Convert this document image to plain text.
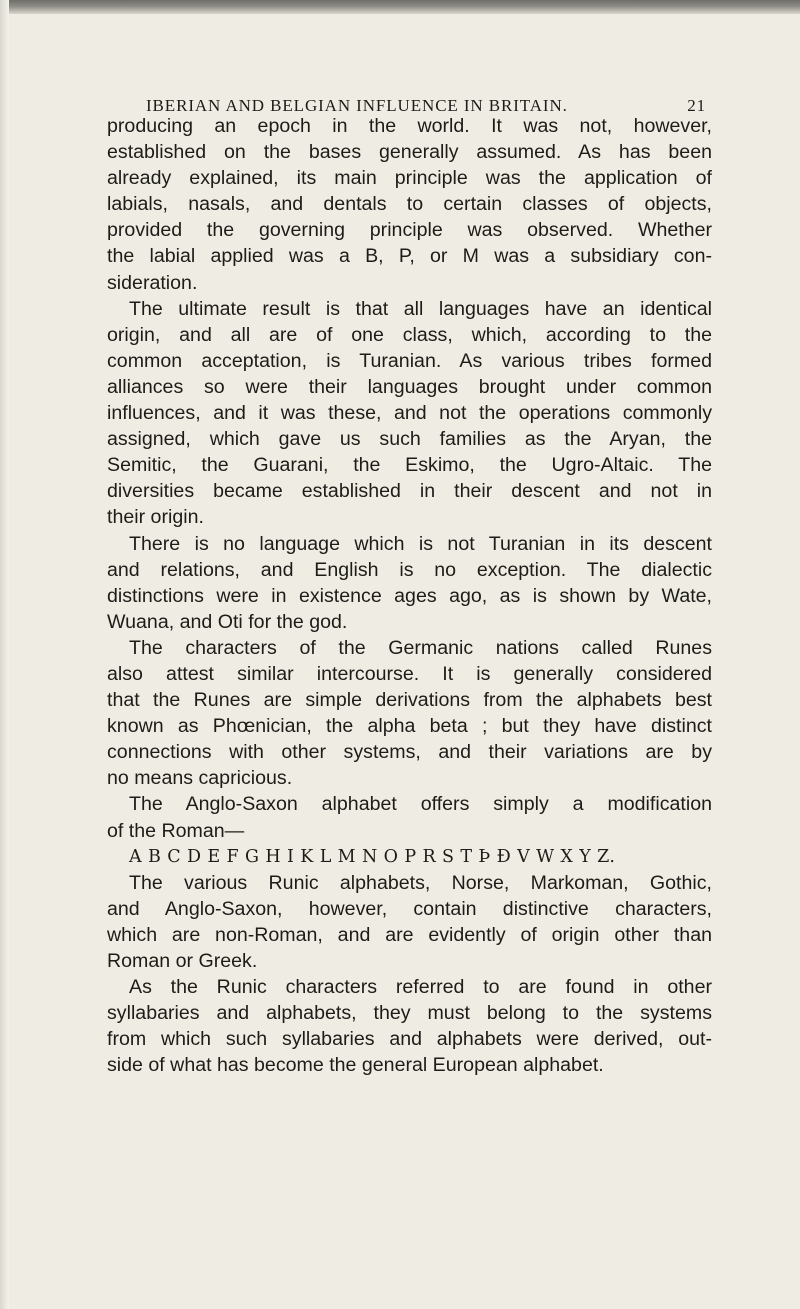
IBERIAN AND BELGIAN INFLUENCE IN BRITAIN.	21
producing an epoch in the world. It was not, however,
established on the bases generally assumed. As has been
already explained, its main principle was the application of
labials, nasals, and dentals to certain classes of objects,
provided the governing principle was observed. Whether
the labial applied was a B, P, or M was a subsidiary con-
sideration.
The ultimate result is that all languages have an identical
origin, and all are of one class, which, according to the
common acceptation, is Turanian. As various tribes formed
alliances so were their languages brought under common
influences, and it was these, and not the operations commonly
assigned, which gave us such families as the Aryan, the
Semitic, the Guarani, the Eskimo, the Ugro-Altaic. The
diversities became established in their descent and not in
their origin.
There is no language which is not Turanian in its descent
and relations, and English is no exception. The dialectic
distinctions were in existence ages ago, as is shown by Wate,
Wuana, and Oti for the god.
The characters of the Germanic nations called Runes
also attest similar intercourse. It is generally considered
that the Runes are simple derivations from the alphabets best
known as Phœnician, the alpha beta ; but they have distinct
connections with other systems, and their variations are by
no means capricious.
The Anglo-Saxon alphabet offers simply a modification
of the Roman—
A B C D E F G H I K L M N O P R S T Þ Ð V W X Y Z.
The various Runic alphabets, Norse, Markoman, Gothic,
and Anglo-Saxon, however, contain distinctive characters,
which are non-Roman, and are evidently of origin other than
Roman or Greek.
As the Runic characters referred to are found in other
syllabaries and alphabets, they must belong to the systems
from which such syllabaries and alphabets were derived, out-
side of what has become the general European alphabet.
